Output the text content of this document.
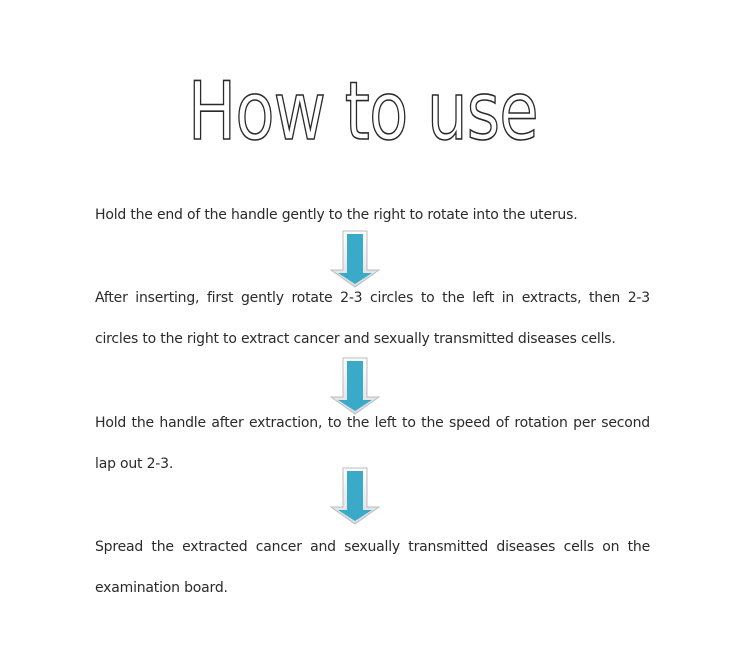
How to use

Hold the end of the handle gently to the right to rotate into the uterus.

After inserting, first gently rotate 2-3 circles to the left in extracts, then 2-3 circles to the right to extract cancer and sexually transmitted diseases cells.

Hold the handle after extraction, to the left to the speed of rotation per second lap out 2-3.

Spread the extracted cancer and sexually transmitted diseases cells on the examination board.
